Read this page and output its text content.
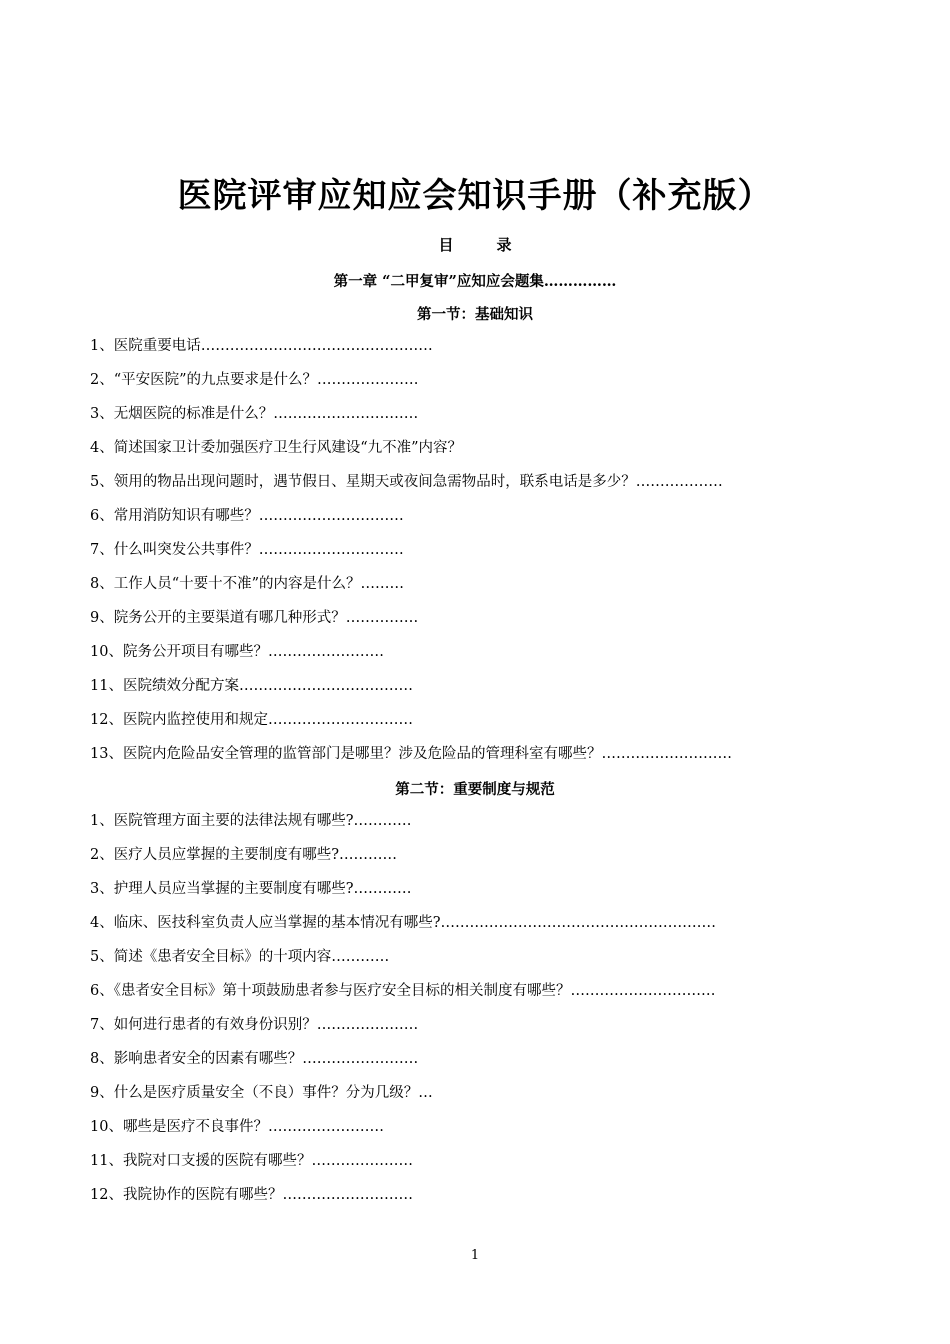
医院评审应知应会知识手册（补充版）
目　录
第一章 “二甲复审”应知应会题集……………
第一节：基础知识
1、医院重要电话…………………………………………
2、“平安医院”的九点要求是什么？…………………
3、无烟医院的标准是什么？…………………………
4、简述国家卫计委加强医疗卫生行风建设“九不准”内容？
5、领用的物品出现问题时，遇节假日、星期天或夜间急需物品时，联系电话是多少？………………
6、常用消防知识有哪些？…………………………
7、什么叫突发公共事件？…………………………
8、工作人员“十要十不准”的内容是什么？………
9、院务公开的主要渠道有哪几种形式？……………
10、院务公开项目有哪些？……………………
11、医院绩效分配方案………………………………
12、医院内监控使用和规定…………………………
13、医院内危险品安全管理的监管部门是哪里？涉及危险品的管理科室有哪些？………………………
第二节：重要制度与规范
1、医院管理方面主要的法律法规有哪些?…………
2、医疗人员应掌握的主要制度有哪些?…………
3、护理人员应当掌握的主要制度有哪些?…………
4、临床、医技科室负责人应当掌握的基本情况有哪些?…………………………………………………
5、简述《患者安全目标》的十项内容…………
6、《患者安全目标》第十项鼓励患者参与医疗安全目标的相关制度有哪些？…………………………
7、如何进行患者的有效身份识别？…………………
8、影响患者安全的因素有哪些？……………………
9、什么是医疗质量安全（不良）事件？分为几级？…
10、哪些是医疗不良事件？……………………
11、我院对口支援的医院有哪些？…………………
12、我院协作的医院有哪些？………………………
1
